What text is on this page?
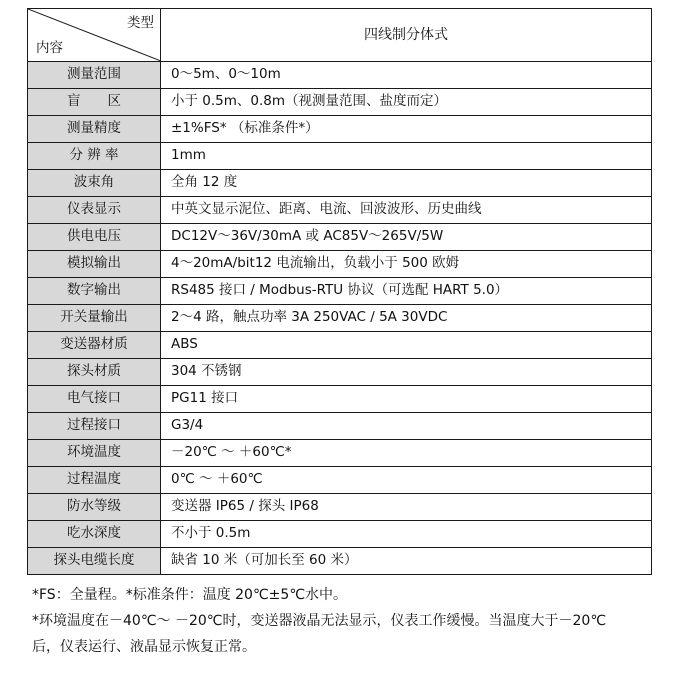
类型
内容	四线制分体式
测量范围	0～5m、0～10m
盲　　区	小于 0.5m、0.8m（视测量范围、盐度而定）
测量精度	±1%FS* （标准条件*）
分 辨 率	1mm
波束角	全角 12 度
仪表显示	中英文显示泥位、距离、电流、回波波形、历史曲线
供电电压	DC12V～36V/30mA 或 AC85V～265V/5W
模拟输出	4～20mA/bit12 电流输出，负载小于 500 欧姆
数字输出	RS485 接口 / Modbus-RTU 协议（可选配 HART 5.0）
开关量输出	2～4 路，触点功率 3A 250VAC / 5A 30VDC
变送器材质	ABS
探头材质	304 不锈钢
电气接口	PG11 接口
过程接口	G3/4
环境温度	－20℃ ～ ＋60℃*
过程温度	0℃ ～ ＋60℃
防水等级	变送器 IP65 / 探头 IP68
吃水深度	不小于 0.5m
探头电缆长度	缺省 10 米（可加长至 60 米）

*FS：全量程。*标准条件：温度 20℃±5℃水中。

*环境温度在－40℃～ －20℃时，变送器液晶无法显示，仪表工作缓慢。当温度大于－20℃

后，仪表运行、液晶显示恢复正常。
